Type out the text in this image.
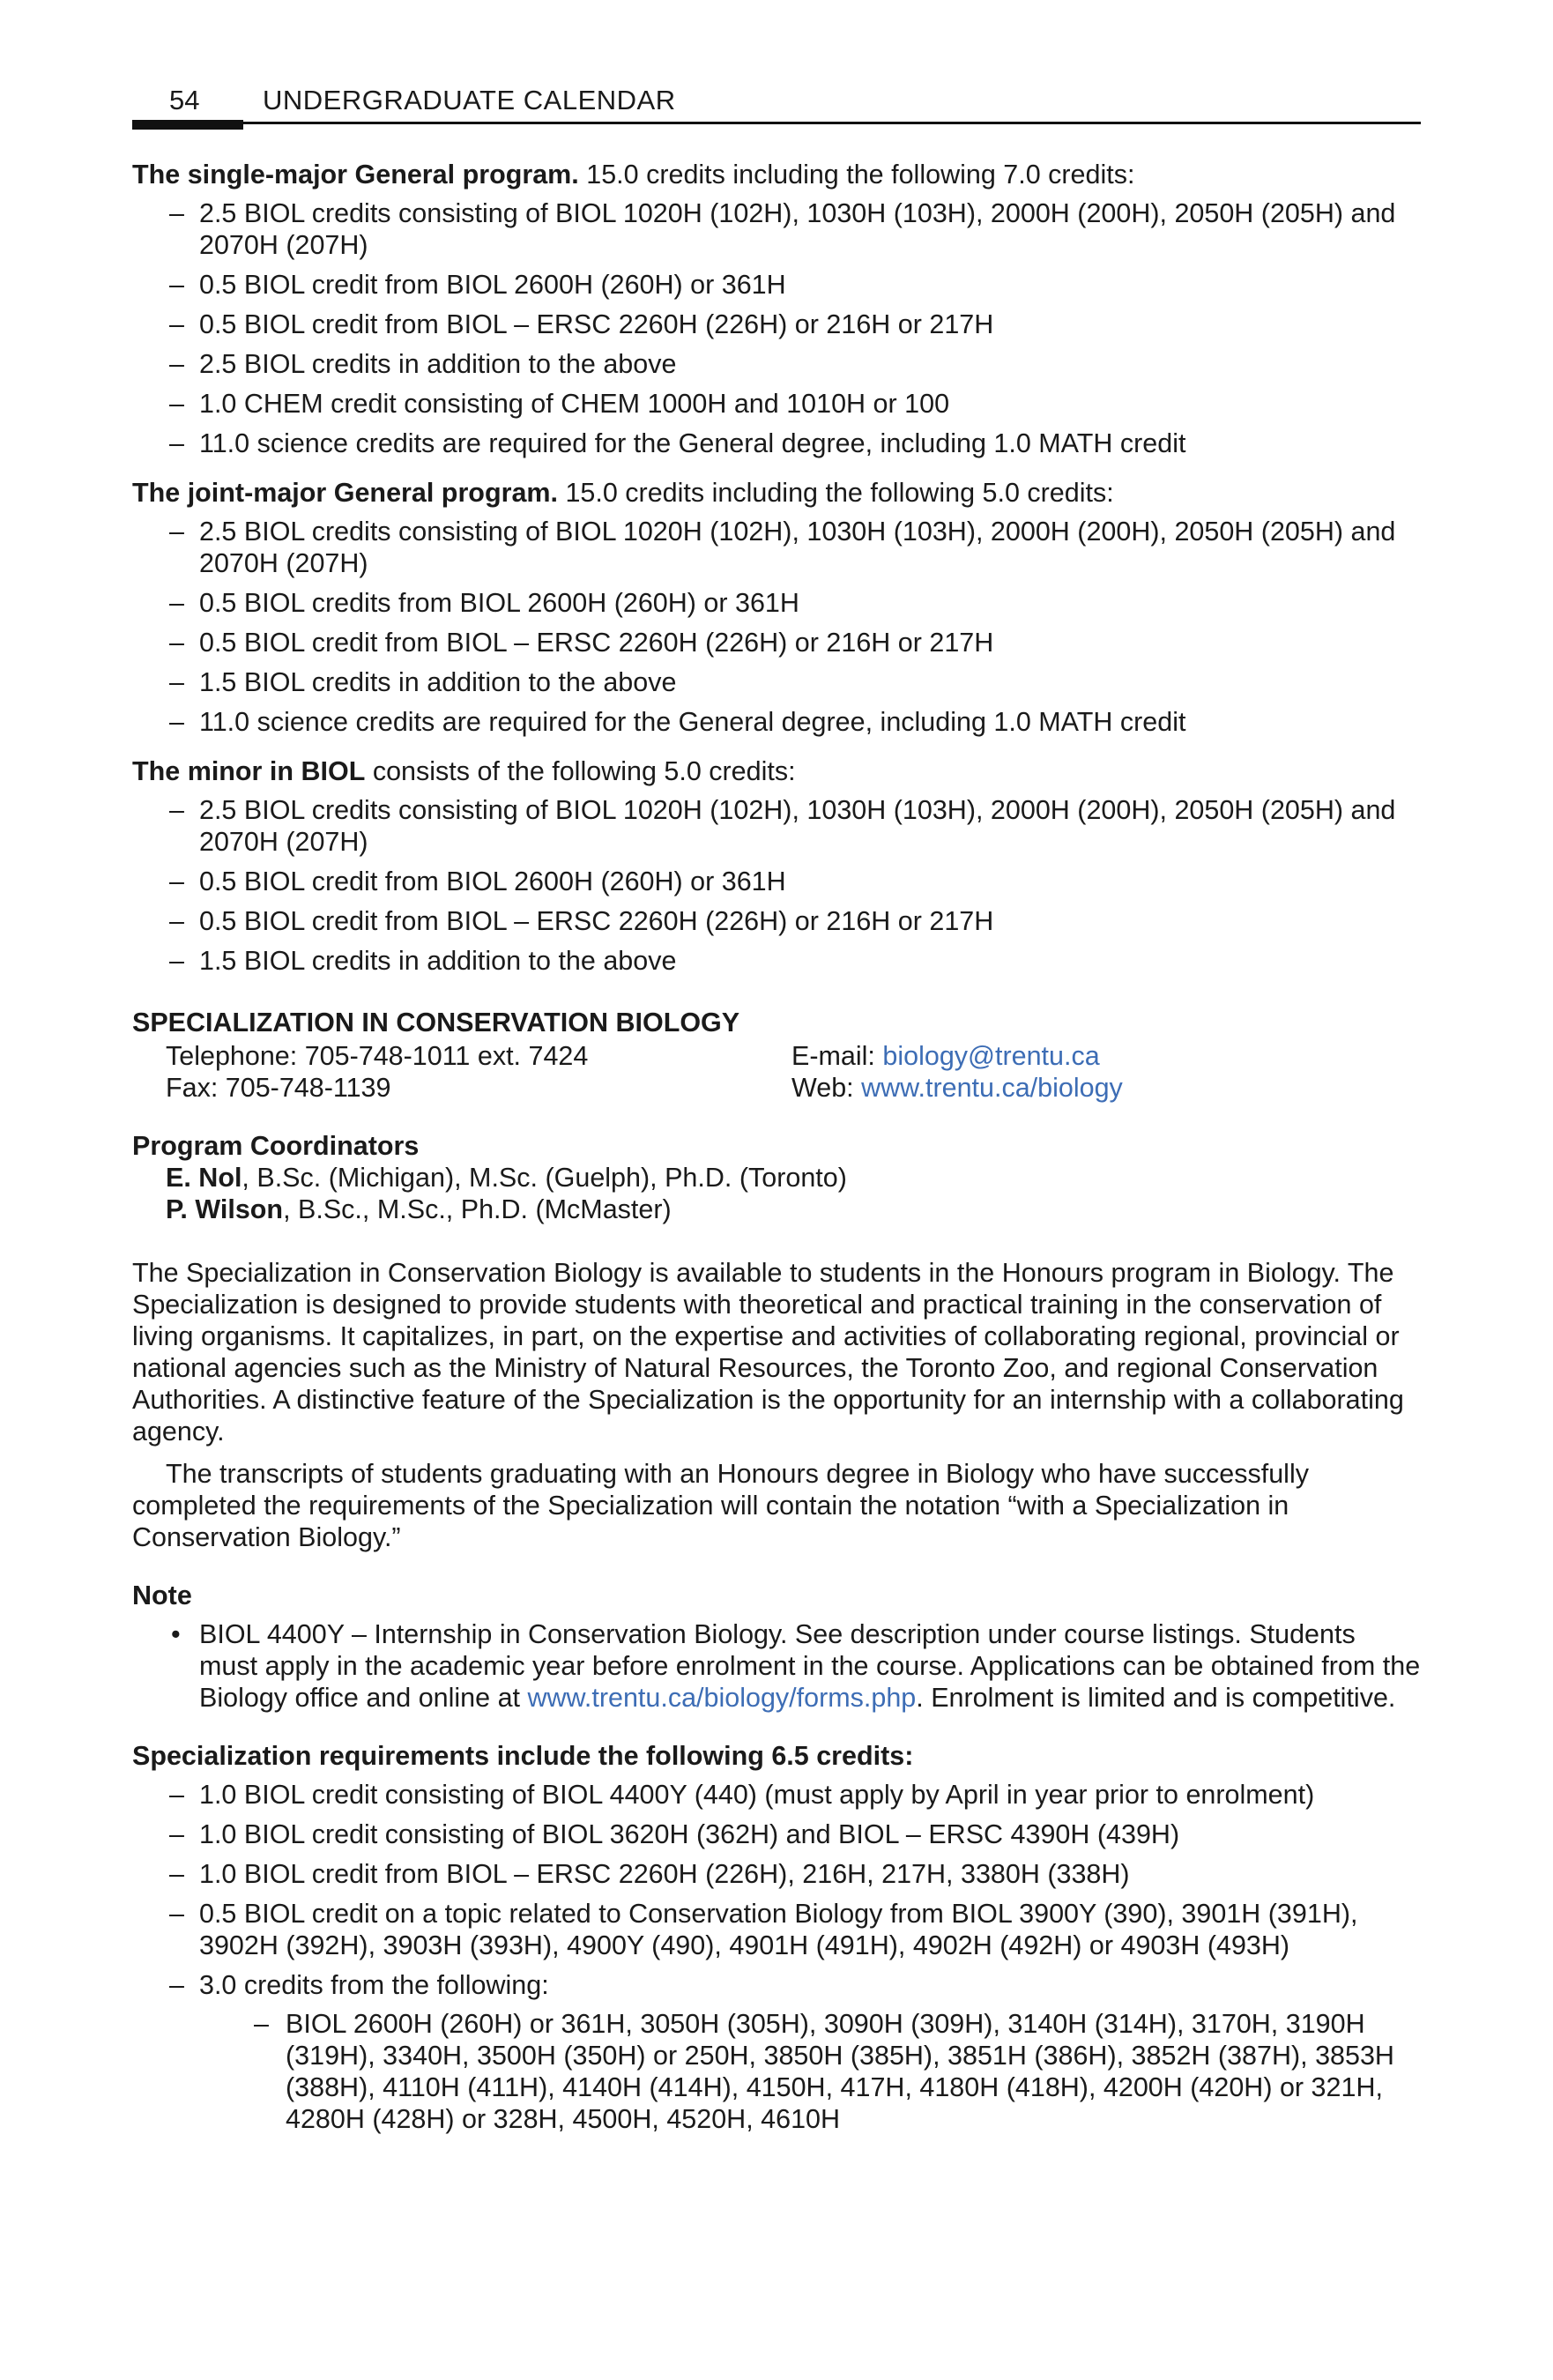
54 UNDERGRADUATE CALENDAR

The single-major General program. 15.0 credits including the following 7.0 credits:

– 2.5 BIOL credits consisting of BIOL 1020H (102H), 1030H (103H), 2000H (200H), 2050H (205H) and 2070H (207H)
– 0.5 BIOL credit from BIOL 2600H (260H) or 361H
– 0.5 BIOL credit from BIOL – ERSC 2260H (226H) or 216H or 217H
– 2.5 BIOL credits in addition to the above
– 1.0 CHEM credit consisting of CHEM 1000H and 1010H or 100
– 11.0 science credits are required for the General degree, including 1.0 MATH credit

The joint-major General program. 15.0 credits including the following 5.0 credits:

– 2.5 BIOL credits consisting of BIOL 1020H (102H), 1030H (103H), 2000H (200H), 2050H (205H) and 2070H (207H)
– 0.5 BIOL credits from BIOL 2600H (260H) or 361H
– 0.5 BIOL credit from BIOL – ERSC 2260H (226H) or 216H or 217H
– 1.5 BIOL credits in addition to the above
– 11.0 science credits are required for the General degree, including 1.0 MATH credit

The minor in BIOL consists of the following 5.0 credits:

– 2.5 BIOL credits consisting of BIOL 1020H (102H), 1030H (103H), 2000H (200H), 2050H (205H) and 2070H (207H)
– 0.5 BIOL credit from BIOL 2600H (260H) or 361H
– 0.5 BIOL credit from BIOL – ERSC 2260H (226H) or 216H or 217H
– 1.5 BIOL credits in addition to the above

SPECIALIZATION IN CONSERVATION BIOLOGY

Telephone: 705-748-1011 ext. 7424
Fax: 705-748-1139
E-mail: biology@trentu.ca
Web: www.trentu.ca/biology

Program Coordinators

E. Nol, B.Sc. (Michigan), M.Sc. (Guelph), Ph.D. (Toronto)
P. Wilson, B.Sc., M.Sc., Ph.D. (McMaster)

The Specialization in Conservation Biology is available to students in the Honours program in Biology. The Specialization is designed to provide students with theoretical and practical training in the conservation of living organisms. It capitalizes, in part, on the expertise and activities of collaborating regional, provincial or national agencies such as the Ministry of Natural Resources, the Toronto Zoo, and regional Conservation Authorities. A distinctive feature of the Specialization is the opportunity for an internship with a collaborating agency.

The transcripts of students graduating with an Honours degree in Biology who have successfully completed the requirements of the Specialization will contain the notation “with a Specialization in Conservation Biology.”

Note

• BIOL 4400Y – Internship in Conservation Biology. See description under course listings. Students must apply in the academic year before enrolment in the course. Applications can be obtained from the Biology office and online at www.trentu.ca/biology/forms.php. Enrolment is limited and is competitive.

Specialization requirements include the following 6.5 credits:

– 1.0 BIOL credit consisting of BIOL 4400Y (440) (must apply by April in year prior to enrolment)
– 1.0 BIOL credit consisting of BIOL 3620H (362H) and BIOL – ERSC 4390H (439H)
– 1.0 BIOL credit from BIOL – ERSC 2260H (226H), 216H, 217H, 3380H (338H)
– 0.5 BIOL credit on a topic related to Conservation Biology from BIOL 3900Y (390), 3901H (391H), 3902H (392H), 3903H (393H), 4900Y (490), 4901H (491H), 4902H (492H) or 4903H (493H)
– 3.0 credits from the following:
– BIOL 2600H (260H) or 361H, 3050H (305H), 3090H (309H), 3140H (314H), 3170H, 3190H (319H), 3340H, 3500H (350H) or 250H, 3850H (385H), 3851H (386H), 3852H (387H), 3853H (388H), 4110H (411H), 4140H (414H), 4150H, 417H, 4180H (418H), 4200H (420H) or 321H, 4280H (428H) or 328H, 4500H, 4520H, 4610H
